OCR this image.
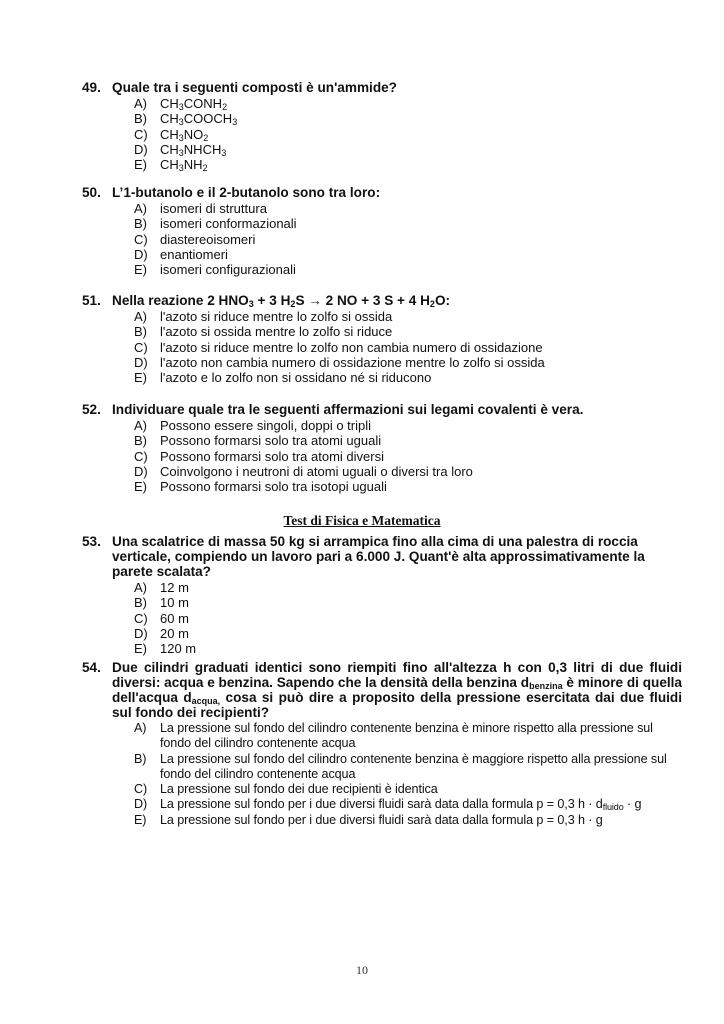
49. Quale tra i seguenti composti è un'ammide?
A)	$CH_3CONH_2$
B)	$CH_3COOCH_3$
C) $CH_3NO_2$
D) $CH_3NHCH_3$
E)	$CH_3NH_2$
50. L’1-butanolo e il 2-butanolo sono tra loro:
A)	isomeri di struttura
B)	isomeri conformazionali
C) diastereoisomeri
D) enantiomeri
E)	isomeri configurazionali
51. Nella reazione 2 $HNO_3 + 3$ $H_2S \to 2$ NO + 3 S + 4 $H_2O$:
A)	l'azoto si riduce mentre lo zolfo si ossida
B)	l'azoto si ossida mentre lo zolfo si riduce
C) l'azoto si riduce mentre lo zolfo non cambia numero di ossidazione
D) l'azoto non cambia numero di ossidazione mentre lo zolfo si ossida
E)	l'azoto e lo zolfo non si ossidano né si riducono
52. Individuare quale tra le seguenti affermazioni sui legami covalenti è vera.
A)	Possono essere singoli, doppi o tripli
B)	Possono formarsi solo tra atomi uguali
C) Possono formarsi solo tra atomi diversi
D) Coinvolgono i neutroni di atomi uguali o diversi tra loro
E)	Possono formarsi solo tra isotopi uguali
Test di Fisica e Matematica
53. Una scalatrice di massa 50 kg si arrampica fino alla cima di una palestra di roccia verticale, compiendo un lavoro pari a 6.000 J. Quant'è alta approssimativamente la parete scalata?
A)	12 m
B)	10 m
C) 60 m
D) 20 m
E)	120 m
54. Due cilindri graduati identici sono riempiti fino all'altezza h con 0,3 litri di due fluidi diversi: acqua e benzina. Sapendo che la densità della benzina $d_{benzina}$ è minore di quella dell'acqua $d_{acqua,}$ cosa si può dire a proposito della pressione esercitata dai due fluidi sul fondo dei recipienti?
A)	La pressione sul fondo del cilindro contenente benzina è minore rispetto alla pressione sul fondo del cilindro contenente acqua
B)	La pressione sul fondo del cilindro contenente benzina è maggiore rispetto alla pressione sul fondo del cilindro contenente acqua
C)	La pressione sul fondo dei due recipienti è identica
D)	La pressione sul fondo per i due diversi fluidi sarà data dalla formula p = 0,3 $h \cdot d_{fluido} \cdot g$
E)	La pressione sul fondo per i due diversi fluidi sarà data dalla formula p = 0,3 h · g
10
